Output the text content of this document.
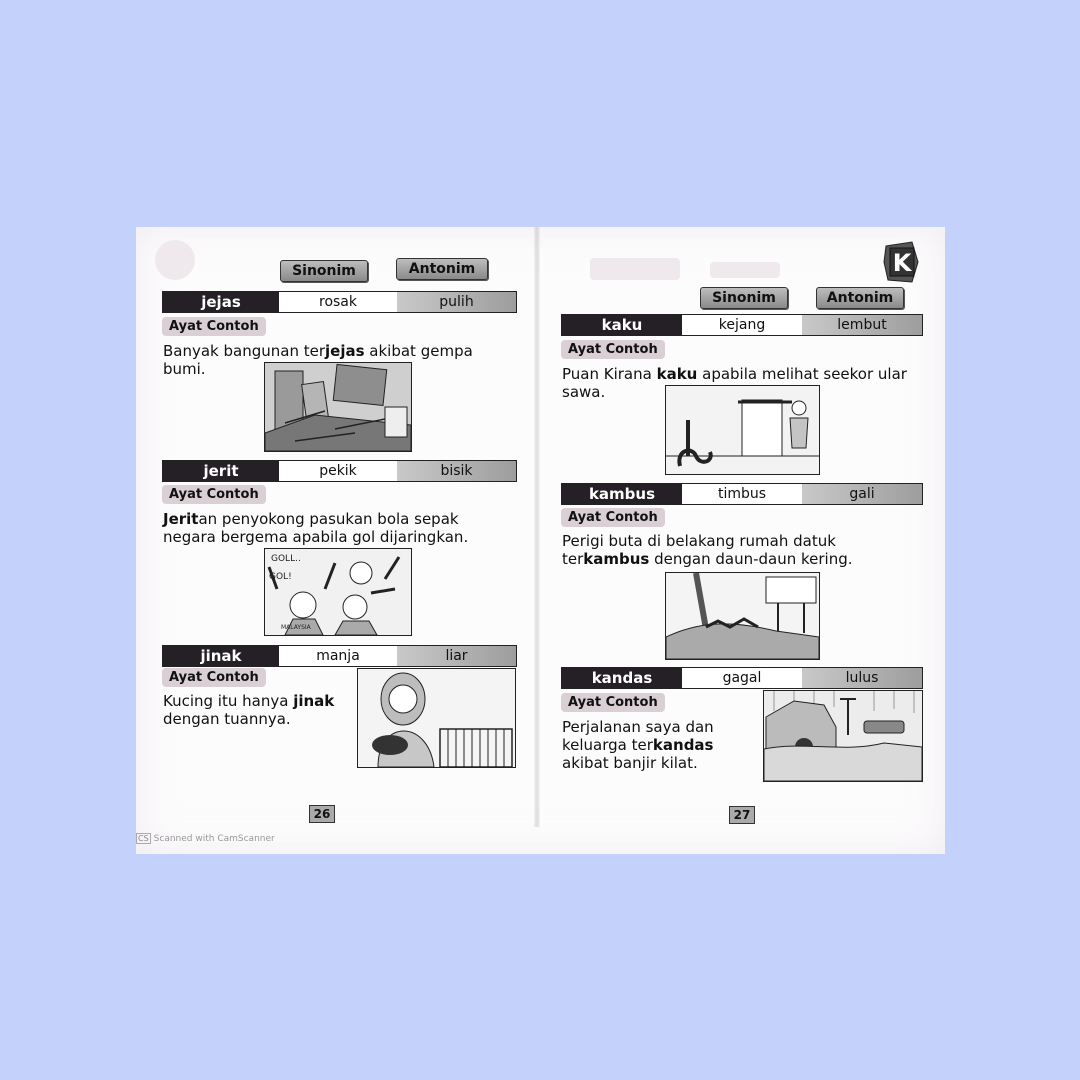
Sinonim	Antonim
jejas	rosak	pulih
Ayat Contoh
Banyak bangunan terjejas akibat gempa bumi.
jerit	pekik	bisik
Ayat Contoh
Jeritan penyokong pasukan bola sepak negara bergema apabila gol dijaringkan.
GOLL..
GOL!
MALAYSIA
jinak	manja	liar
Ayat Contoh
Kucing itu hanya jinak dengan tuannya.
26
K
Sinonim	Antonim
kaku	kejang	lembut
Ayat Contoh
Puan Kirana kaku apabila melihat seekor ular sawa.
kambus	timbus	gali
Ayat Contoh
Perigi buta di belakang rumah datuk terkambus dengan daun-daun kering.
kandas	gagal	lulus
Ayat Contoh
Perjalanan saya dan keluarga terkandas akibat banjir kilat.
27
CS Scanned with CamScanner
